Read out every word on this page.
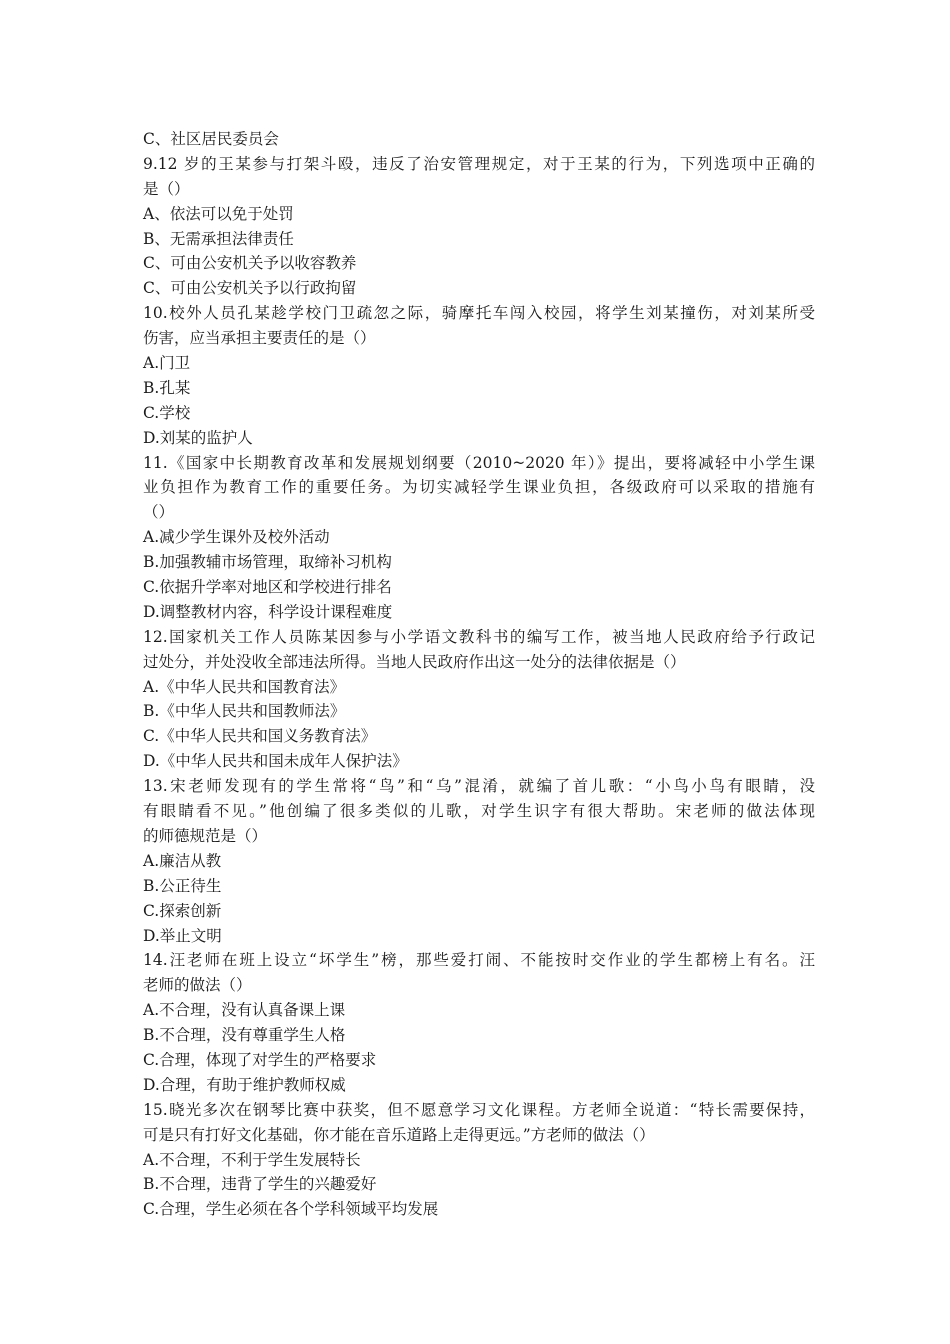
C、社区居民委员会
9.12 岁的王某参与打架斗殴，违反了治安管理规定，对于王某的行为，下列选项中正确的
是（）
A、依法可以免于处罚
B、无需承担法律责任
C、可由公安机关予以收容教养
C、可由公安机关予以行政拘留
10.校外人员孔某趁学校门卫疏忽之际，骑摩托车闯入校园，将学生刘某撞伤，对刘某所受
伤害，应当承担主要责任的是（）
A.门卫
B.孔某
C.学校
D.刘某的监护人
11.《国家中长期教育改革和发展规划纲要（2010~2020 年）》提出，要将减轻中小学生课
业负担作为教育工作的重要任务。为切实减轻学生课业负担，各级政府可以采取的措施有
（）
A.减少学生课外及校外活动
B.加强教辅市场管理，取缔补习机构
C.依据升学率对地区和学校进行排名
D.调整教材内容，科学设计课程难度
12.国家机关工作人员陈某因参与小学语文教科书的编写工作，被当地人民政府给予行政记
过处分，并处没收全部违法所得。当地人民政府作出这一处分的法律依据是（）
A.《中华人民共和国教育法》
B.《中华人民共和国教师法》
C.《中华人民共和国义务教育法》
D.《中华人民共和国未成年人保护法》
13.宋老师发现有的学生常将“鸟”和“乌”混淆，就编了首儿歌：“小鸟小鸟有眼睛，没
有眼睛看不见。”他创编了很多类似的儿歌，对学生识字有很大帮助。宋老师的做法体现
的师德规范是（）
A.廉洁从教
B.公正待生
C.探索创新
D.举止文明
14.汪老师在班上设立“坏学生”榜，那些爱打闹、不能按时交作业的学生都榜上有名。汪
老师的做法（）
A.不合理，没有认真备课上课
B.不合理，没有尊重学生人格
C.合理，体现了对学生的严格要求
D.合理，有助于维护教师权威
15.晓光多次在钢琴比赛中获奖，但不愿意学习文化课程。方老师全说道：“特长需要保持，
可是只有打好文化基础，你才能在音乐道路上走得更远。”方老师的做法（）
A.不合理，不利于学生发展特长
B.不合理，违背了学生的兴趣爱好
C.合理，学生必须在各个学科领域平均发展
